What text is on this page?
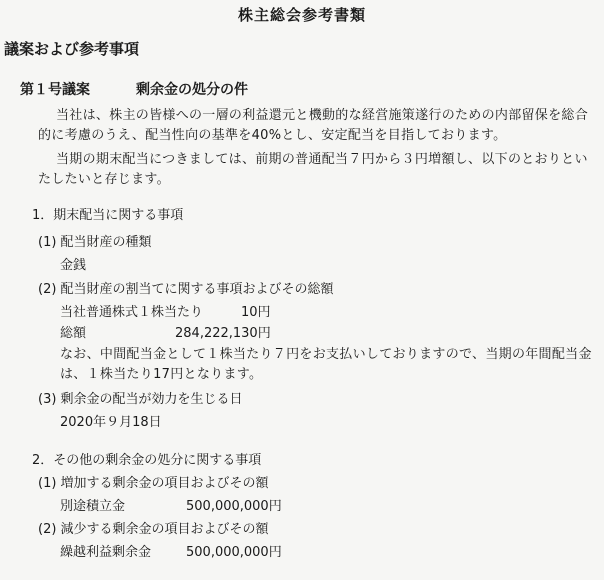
株主総会参考書類
議案および参考事項
第１号議案	剰余金の処分の件

当社は、株主の皆様への一層の利益還元と機動的な経営施策遂行のための内部留保を総合的に考慮のうえ、配当性向の基準を40%とし、安定配当を目指しております。

当期の期末配当につきましては、前期の普通配当７円から３円増額し、以下のとおりといたしたいと存じます。

1．期末配当に関する事項
(1) 配当財産の種類
金銭
(2) 配当財産の割当てに関する事項およびその総額
当社普通株式１株当たり	10円
総額	284,222,130円

なお、中間配当金として１株当たり７円をお支払いしておりますので、当期の年間配当金は、１株当たり17円となります。

(3) 剰余金の配当が効力を生じる日
2020年９月18日
2．その他の剰余金の処分に関する事項
(1) 増加する剰余金の項目およびその額
別途積立金	500,000,000円
(2) 減少する剰余金の項目およびその額
繰越利益剰余金	500,000,000円
